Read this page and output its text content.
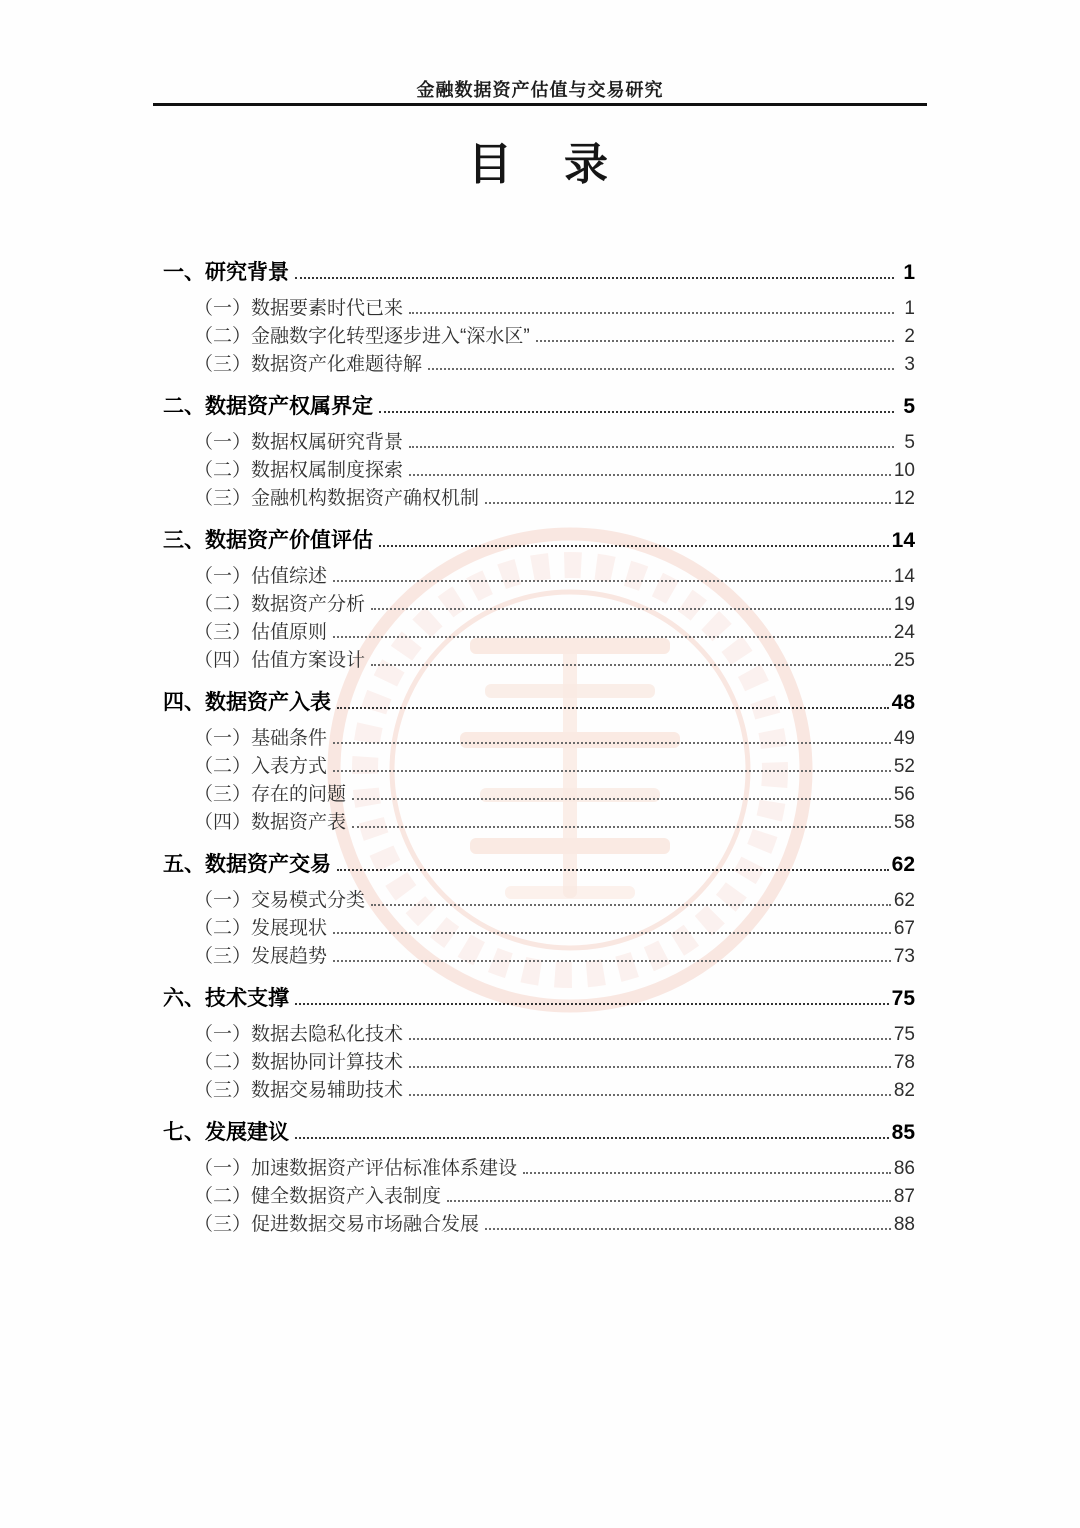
金融数据资产估值与交易研究
目　录
一、研究背景	1
（一）数据要素时代已来	1
（二）金融数字化转型逐步进入“深水区”	2
（三）数据资产化难题待解	3
二、数据资产权属界定	5
（一）数据权属研究背景	5
（二）数据权属制度探索	10
（三）金融机构数据资产确权机制	12
三、数据资产价值评估	14
（一）估值综述	14
（二）数据资产分析	19
（三）估值原则	24
（四）估值方案设计	25
四、数据资产入表	48
（一）基础条件	49
（二）入表方式	52
（三）存在的问题	56
（四）数据资产表	58
五、数据资产交易	62
（一）交易模式分类	62
（二）发展现状	67
（三）发展趋势	73
六、技术支撑	75
（一）数据去隐私化技术	75
（二）数据协同计算技术	78
（三）数据交易辅助技术	82
七、发展建议	85
（一）加速数据资产评估标准体系建设	86
（二）健全数据资产入表制度	87
（三）促进数据交易市场融合发展	88
